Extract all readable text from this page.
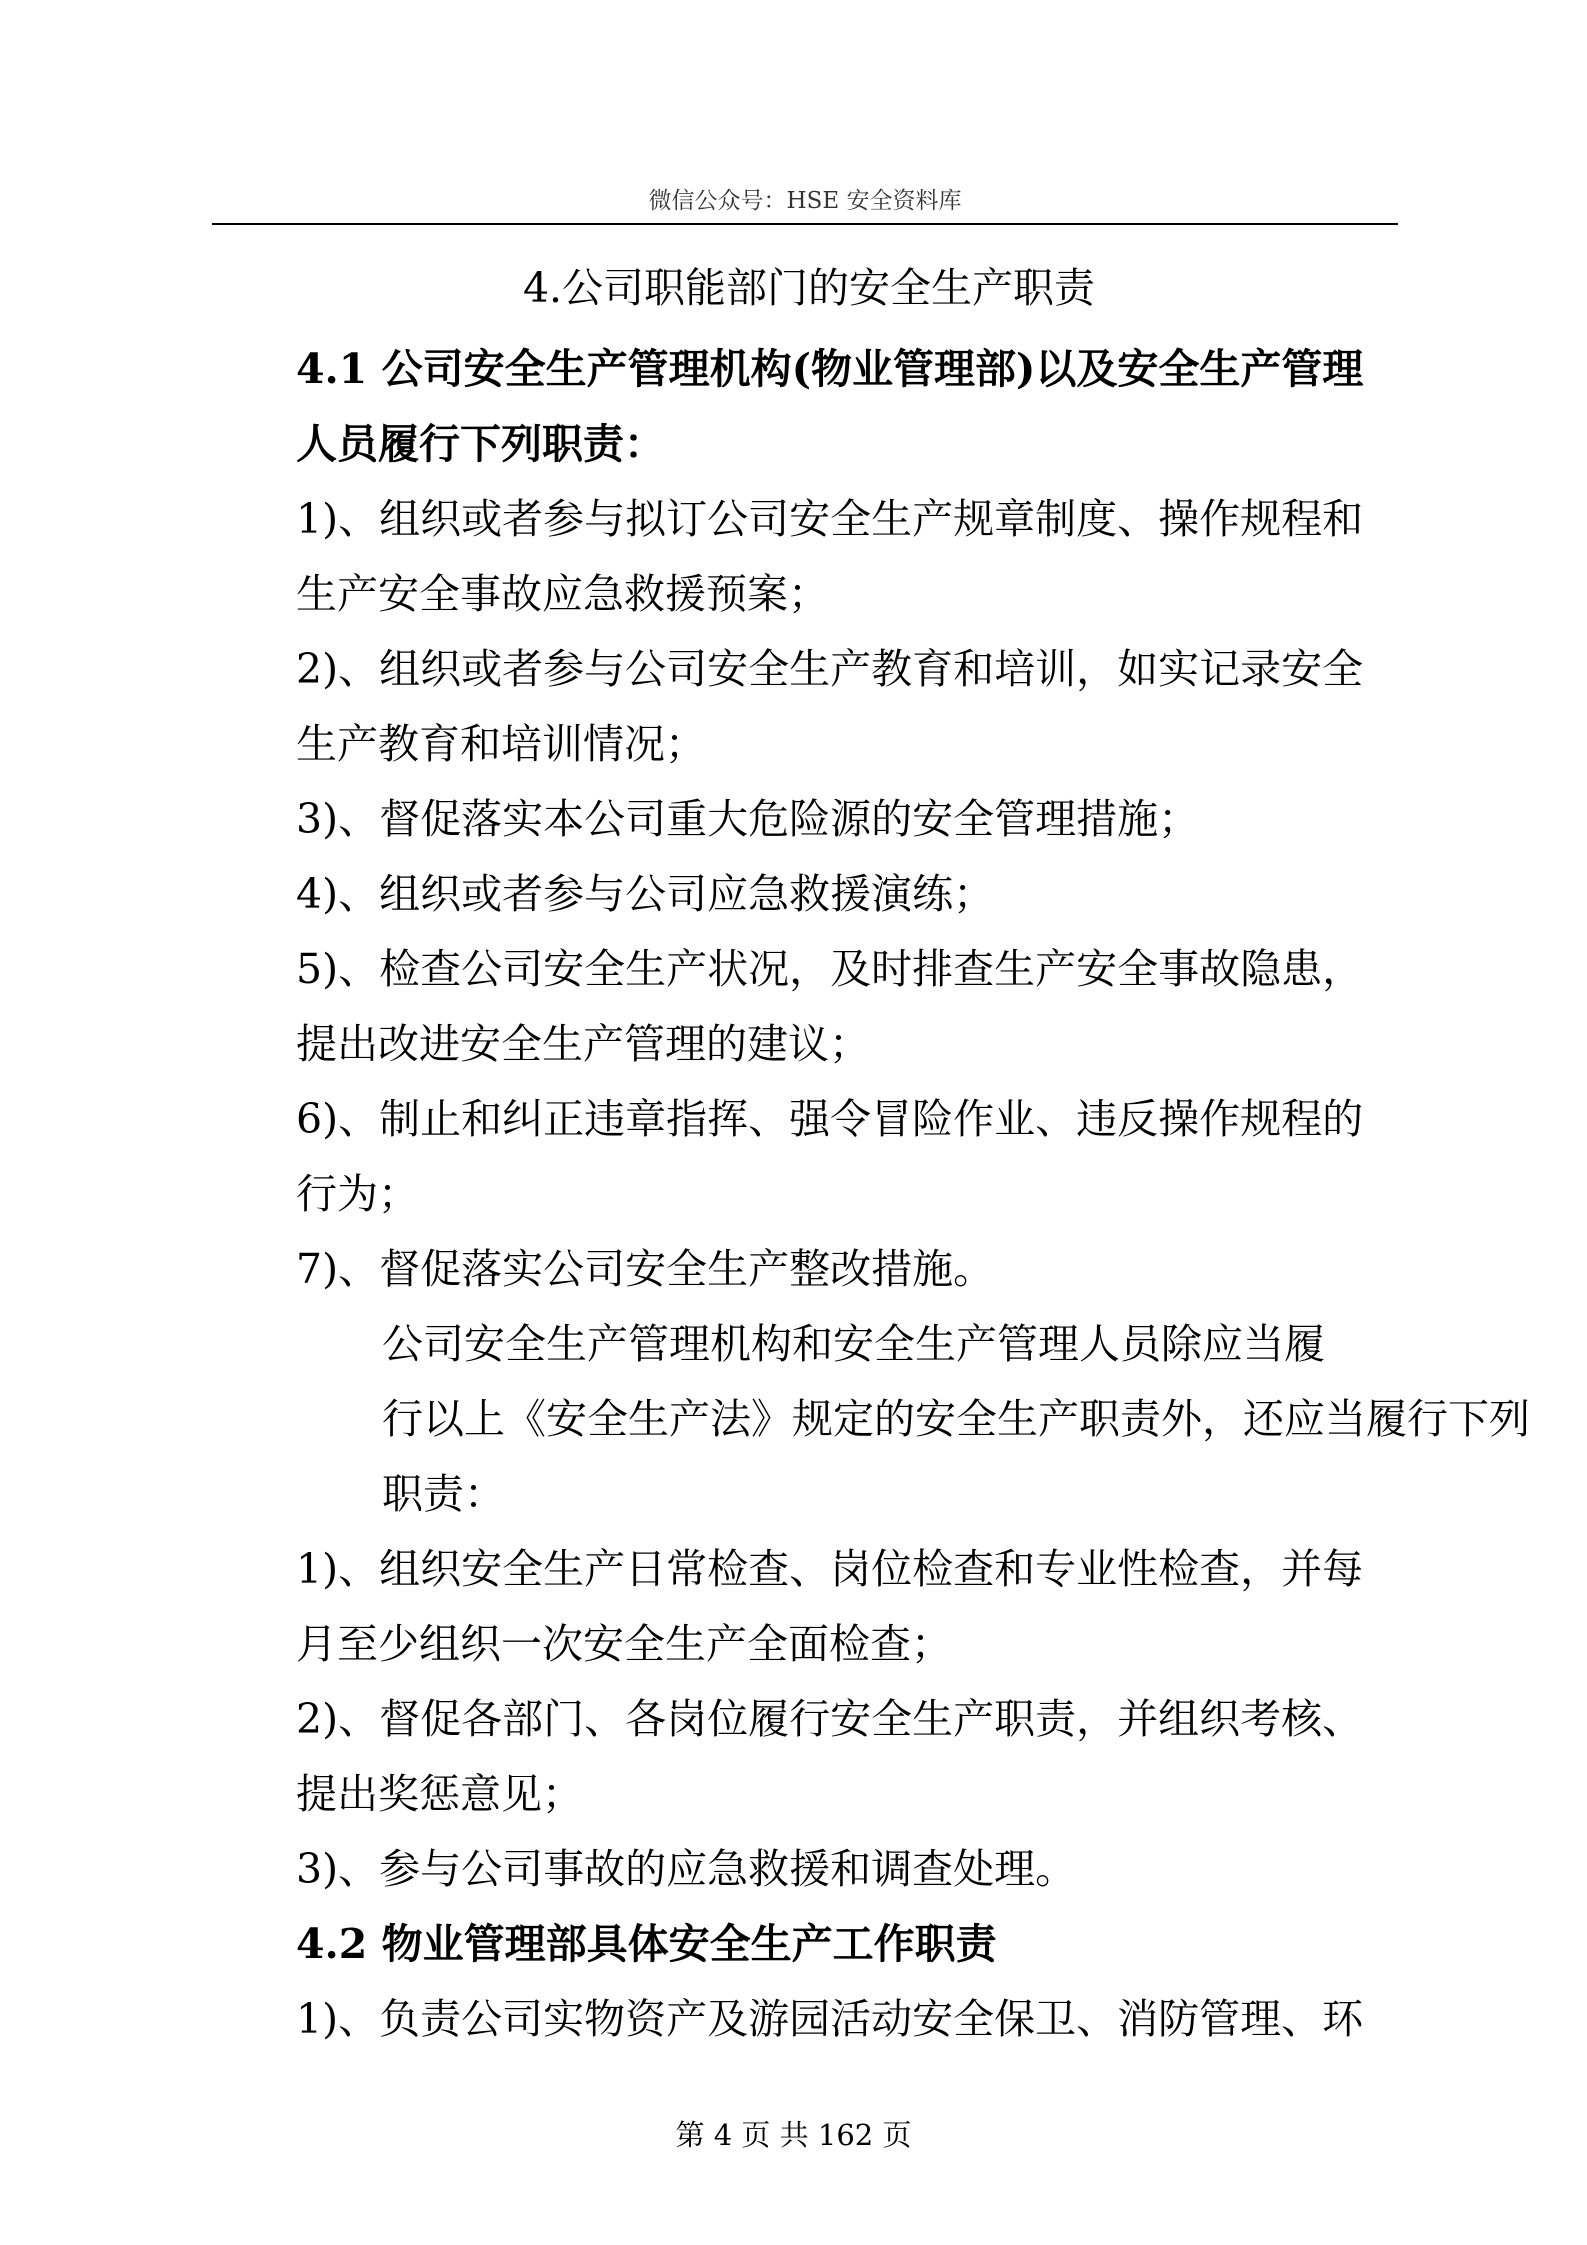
微信公众号：HSE 安全资料库
4.公司职能部门的安全生产职责

4.1 公司安全生产管理机构(物业管理部)以及安全生产管理
人员履行下列职责：

1)、组织或者参与拟订公司安全生产规章制度、操作规程和
生产安全事故应急救援预案；

2)、组织或者参与公司安全生产教育和培训，如实记录安全
生产教育和培训情况；

3)、督促落实本公司重大危险源的安全管理措施；

4)、组织或者参与公司应急救援演练；

5)、检查公司安全生产状况，及时排查生产安全事故隐患，
提出改进安全生产管理的建议；

6)、制止和纠正违章指挥、强令冒险作业、违反操作规程的
行为；

7)、督促落实公司安全生产整改措施。

公司安全生产管理机构和安全生产管理人员除应当履
行以上《安全生产法》规定的安全生产职责外，还应当履行下列
职责：

1)、组织安全生产日常检查、岗位检查和专业性检查，并每
月至少组织一次安全生产全面检查；

2)、督促各部门、各岗位履行安全生产职责，并组织考核、
提出奖惩意见；

3)、参与公司事故的应急救援和调查处理。

4.2 物业管理部具体安全生产工作职责

1)、负责公司实物资产及游园活动安全保卫、消防管理、环

第 4 页 共 162 页
